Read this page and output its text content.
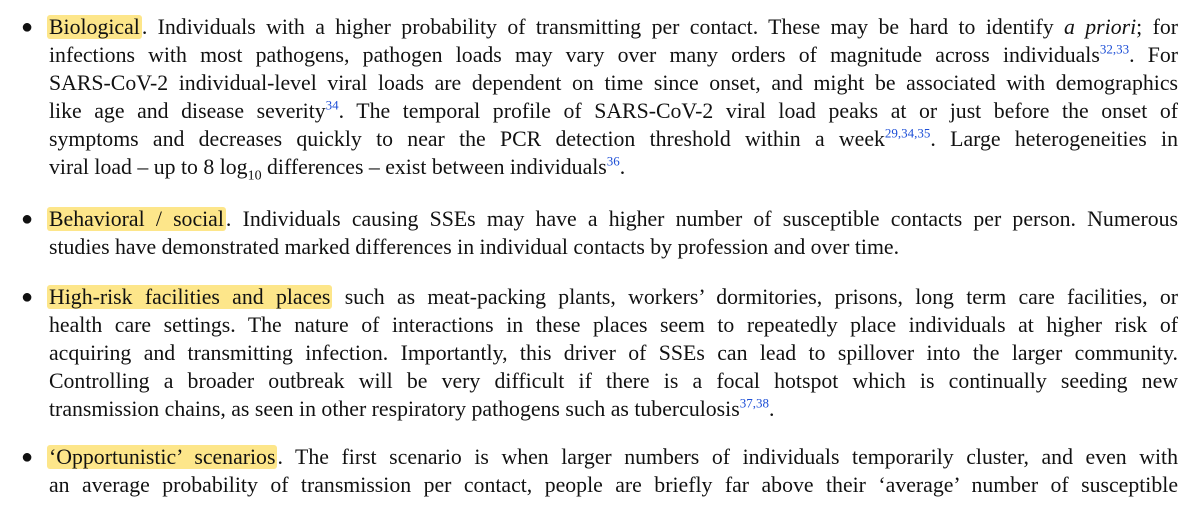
● Biological. Individuals with a higher probability of transmitting per contact. These may be hard to identify a priori; for
infections with most pathogens, pathogen loads may vary over many orders of magnitude across individuals$^{32,33}$. For
SARS-CoV-2 individual-level viral loads are dependent on time since onset, and might be associated with demographics
like age and disease severity$^{34}$. The temporal profile of SARS-CoV-2 viral load peaks at or just before the onset of
symptoms and decreases quickly to near the PCR detection threshold within a week$^{29,34,35}$. Large heterogeneities in
viral load – up to 8 $\log_{10}$ differences – exist between individuals$^{36}$.
● Behavioral / social. Individuals causing SSEs may have a higher number of susceptible contacts per person. Numerous
studies have demonstrated marked differences in individual contacts by profession and over time.
● High-risk facilities and places such as meat-packing plants, workers’ dormitories, prisons, long term care facilities, or
health care settings. The nature of interactions in these places seem to repeatedly place individuals at higher risk of
acquiring and transmitting infection. Importantly, this driver of SSEs can lead to spillover into the larger community.
Controlling a broader outbreak will be very difficult if there is a focal hotspot which is continually seeding new
transmission chains, as seen in other respiratory pathogens such as tuberculosis$^{37,38}$.
● ‘Opportunistic’ scenarios. The first scenario is when larger numbers of individuals temporarily cluster, and even with
an average probability of transmission per contact, people are briefly far above their ‘average’ number of susceptible
